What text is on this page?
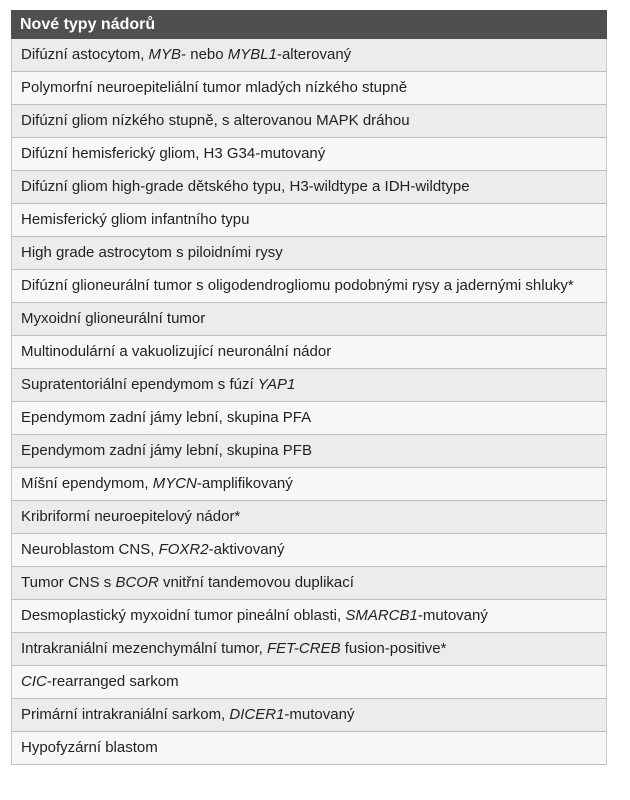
Nové typy nádorů
Difúzní astocytom, MYB- nebo MYBL1-alterovaný
Polymorfní neuroepiteliální tumor mladých nízkého stupně
Difúzní gliom nízkého stupně, s alterovanou MAPK dráhou
Difúzní hemisferický gliom, H3 G34-mutovaný
Difúzní gliom high-grade dětského typu, H3-wildtype a IDH-wildtype
Hemisferický gliom infantního typu
High grade astrocytom s piloidními rysy
Difúzní glioneurální tumor s oligodendrogliomu podobnými rysy a jadernými shluky*
Myxoidní glioneurální tumor
Multinodulární a vakuolizující neuronální nádor
Supratentoriální ependymom s fúzí YAP1
Ependymom zadní jámy lební, skupina PFA
Ependymom zadní jámy lební, skupina PFB
Míšní ependymom, MYCN-amplifikovaný
Kribriformí neuroepitelový nádor*
Neuroblastom CNS, FOXR2-aktivovaný
Tumor CNS s BCOR vnitřní tandemovou duplikací
Desmoplastický myxoidní tumor pineální oblasti, SMARCB1-mutovaný
Intrakraniální mezenchymální tumor, FET-CREB fusion-positive*
CIC-rearranged sarkom
Primární intrakraniální sarkom, DICER1-mutovaný
Hypofyzární blastom
